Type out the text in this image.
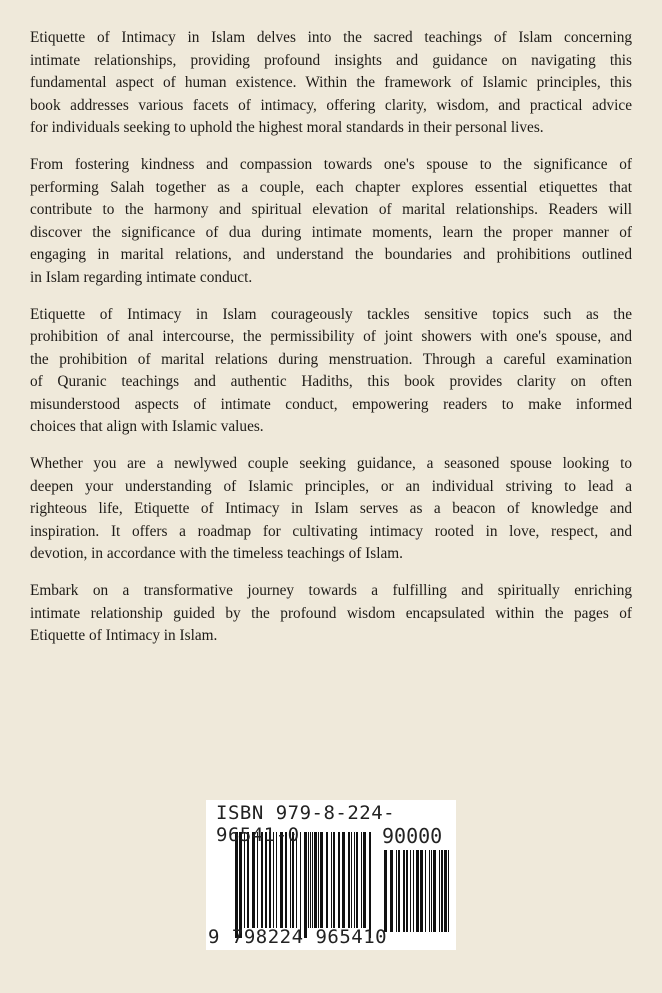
Etiquette of Intimacy in Islam delves into the sacred teachings of Islam concerning
intimate relationships, providing profound insights and guidance on navigating this
fundamental aspect of human existence. Within the framework of Islamic principles, this
book addresses various facets of intimacy, offering clarity, wisdom, and practical advice
for individuals seeking to uphold the highest moral standards in their personal lives.
From fostering kindness and compassion towards one's spouse to the significance of
performing Salah together as a couple, each chapter explores essential etiquettes that
contribute to the harmony and spiritual elevation of marital relationships. Readers will
discover the significance of dua during intimate moments, learn the proper manner of
engaging in marital relations, and understand the boundaries and prohibitions outlined
in Islam regarding intimate conduct.
Etiquette of Intimacy in Islam courageously tackles sensitive topics such as the
prohibition of anal intercourse, the permissibility of joint showers with one's spouse, and
the prohibition of marital relations during menstruation. Through a careful examination
of Quranic teachings and authentic Hadiths, this book provides clarity on often
misunderstood aspects of intimate conduct, empowering readers to make informed
choices that align with Islamic values.
Whether you are a newlywed couple seeking guidance, a seasoned spouse looking to
deepen your understanding of Islamic principles, or an individual striving to lead a
righteous life, Etiquette of Intimacy in Islam serves as a beacon of knowledge and
inspiration. It offers a roadmap for cultivating intimacy rooted in love, respect, and
devotion, in accordance with the timeless teachings of Islam.
Embark on a transformative journey towards a fulfilling and spiritually enriching
intimate relationship guided by the profound wisdom encapsulated within the pages of
Etiquette of Intimacy in Islam.
ISBN 979-8-224-96541-0	90000
9 798224 965410
